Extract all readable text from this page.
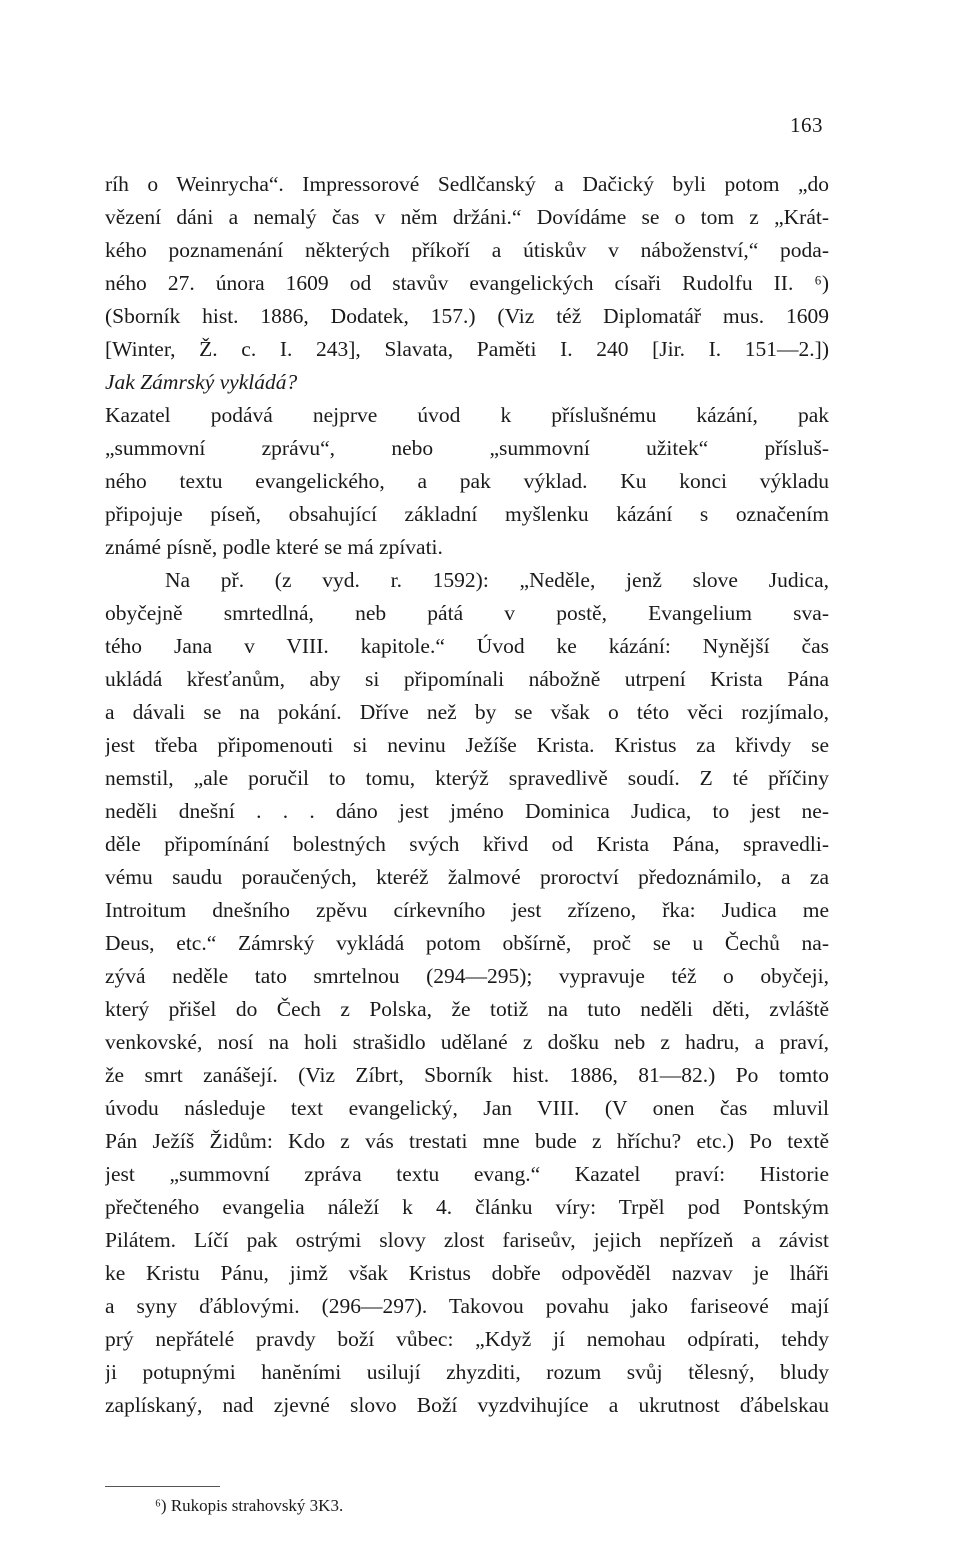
163
ríh o Weinrycha“. Impressorové Sedlčanský a Dačický byli potom „do
vězení dáni a nemalý čas v něm držáni.“ Dovídáme se o tom z „Krát-
kého poznamenání některých příkoří a útiskův v náboženství,“ poda-
ného 27. února 1609 od stavův evangelických císaři Rudolfu II. ⁶)
(Sborník hist. 1886, Dodatek, 157.) (Viz též Diplomatář mus. 1609
[Winter, Ž. c. I. 243], Slavata, Paměti I. 240 [Jir. I. 151—2.])
Jak Zámrský vykládá?
Kazatel podává nejprve úvod k příslušnému kázání, pak
„summovní zprávu“, nebo „summovní užitek“ přísluš-
ného textu evangelického, a pak výklad. Ku konci výkladu
připojuje píseň, obsahující základní myšlenku kázání s označením
známé písně, podle které se má zpívati.
Na př. (z vyd. r. 1592): „Neděle, jenž slove Judica,
obyčejně smrtedlná, neb pátá v postě, Evangelium sva-
tého Jana v VIII. kapitole.“ Úvod ke kázání: Nynější čas
ukládá křesťanům, aby si připomínali nábožně utrpení Krista Pána
a dávali se na pokání. Dříve než by se však o této věci rozjímalo,
jest třeba připomenouti si nevinu Ježíše Krista. Kristus za křivdy se
nemstil, „ale poručil to tomu, kterýž spravedlivě soudí. Z té příčiny
neděli dnešní . . . dáno jest jméno Dominica Judica, to jest ne-
děle připomínání bolestných svých křivd od Krista Pána, spravedli-
vému saudu poraučených, kteréž žalmové proroctví předoznámilo, a za
Introitum dnešního zpěvu církevního jest zřízeno, řka: Judica me
Deus, etc.“ Zámrský vykládá potom obšírně, proč se u Čechů na-
zývá neděle tato smrtelnou (294—295); vypravuje též o obyčeji,
který přišel do Čech z Polska, že totiž na tuto neděli děti, zvláště
venkovské, nosí na holi strašidlo udělané z došku neb z hadru, a praví,
že smrt zanášejí. (Viz Zíbrt, Sborník hist. 1886, 81—82.) Po tomto
úvodu následuje text evangelický, Jan VIII. (V onen čas mluvil
Pán Ježíš Židům: Kdo z vás trestati mne bude z hříchu? etc.) Po textě
jest „summovní zpráva textu evang.“ Kazatel praví: Historie
přečteného evangelia náleží k 4. článku víry: Trpěl pod Pontským
Pilátem. Líčí pak ostrými slovy zlost fariseův, jejich nepřízeň a závist
ke Kristu Pánu, jimž však Kristus dobře odpověděl nazvav je lháři
a syny ďáblovými. (296—297). Takovou povahu jako fariseové mají
prý nepřátelé pravdy boží vůbec: „Když jí nemohau odpírati, tehdy
ji potupnými hanĕními usilují zhyzditi, rozum svůj tělesný, bludy
zaplískaný, nad zjevné slovo Boží vyzdvihujíce a ukrutnost ďábelskau
⁶) Rukopis strahovský 3K3.
